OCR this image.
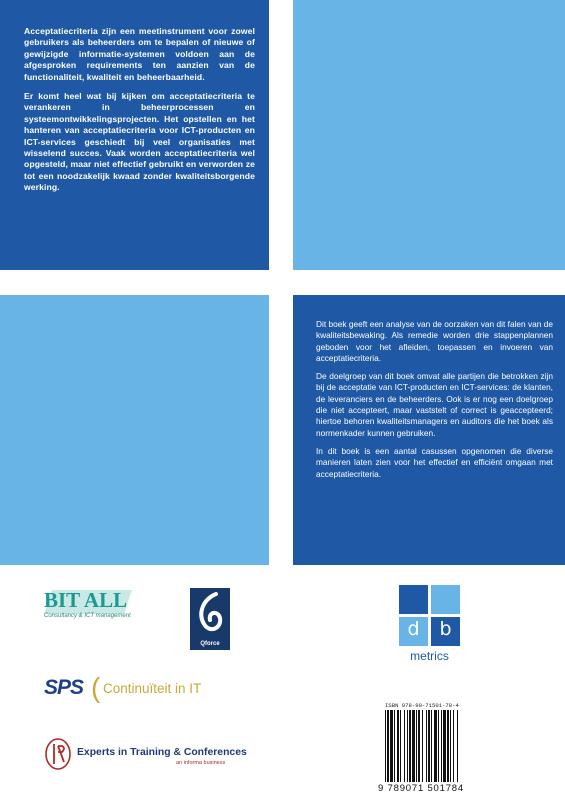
Acceptatiecriteria zijn een meetinstrument voor zowel gebruikers als beheerders om te bepalen of nieuwe of gewijzigde informatie-systemen voldoen aan de afgesproken requirements ten aanzien van de functionaliteit, kwaliteit en beheerbaarheid.

Er komt heel wat bij kijken om acceptatiecriteria te verankeren in beheerprocessen en systeemontwikkelingsprojecten. Het opstellen en het hanteren van acceptatiecriteria voor ICT-producten en ICT-services geschiedt bij veel organisaties met wisselend succes. Vaak worden acceptatiecriteria wel opgesteld, maar niet effectief gebruikt en verworden ze tot een noodzakelijk kwaad zonder kwaliteitsborgende werking.

Dit boek geeft een analyse van de oorzaken van dit falen van de kwaliteitsbewaking. Als remedie worden drie stappenplannen geboden voor het afleiden, toepassen en invoeren van acceptatiecriteria.

De doelgroep van dit boek omvat alle partijen die betrokken zijn bij de acceptatie van ICT-producten en ICT-services: de klanten, de leveranciers en de beheerders. Ook is er nog een doelgroep die niet accepteert, maar vaststelt of correct is geaccepteerd; hiertoe behoren kwaliteitsmanagers en auditors die het boek als normenkader kunnen gebruiken.

In dit boek is een aantal casussen opgenomen die diverse manieren laten zien voor het effectief en efficiënt omgaan met acceptatiecriteria.

BIT ALL
Consultancy & ICT management
Qforce
d	b
metrics
SPS ( Continuïteit in IT
Experts in Training & Conferences
an informa business
ISBN 978-90-71501-78-4
9 789071 501784
